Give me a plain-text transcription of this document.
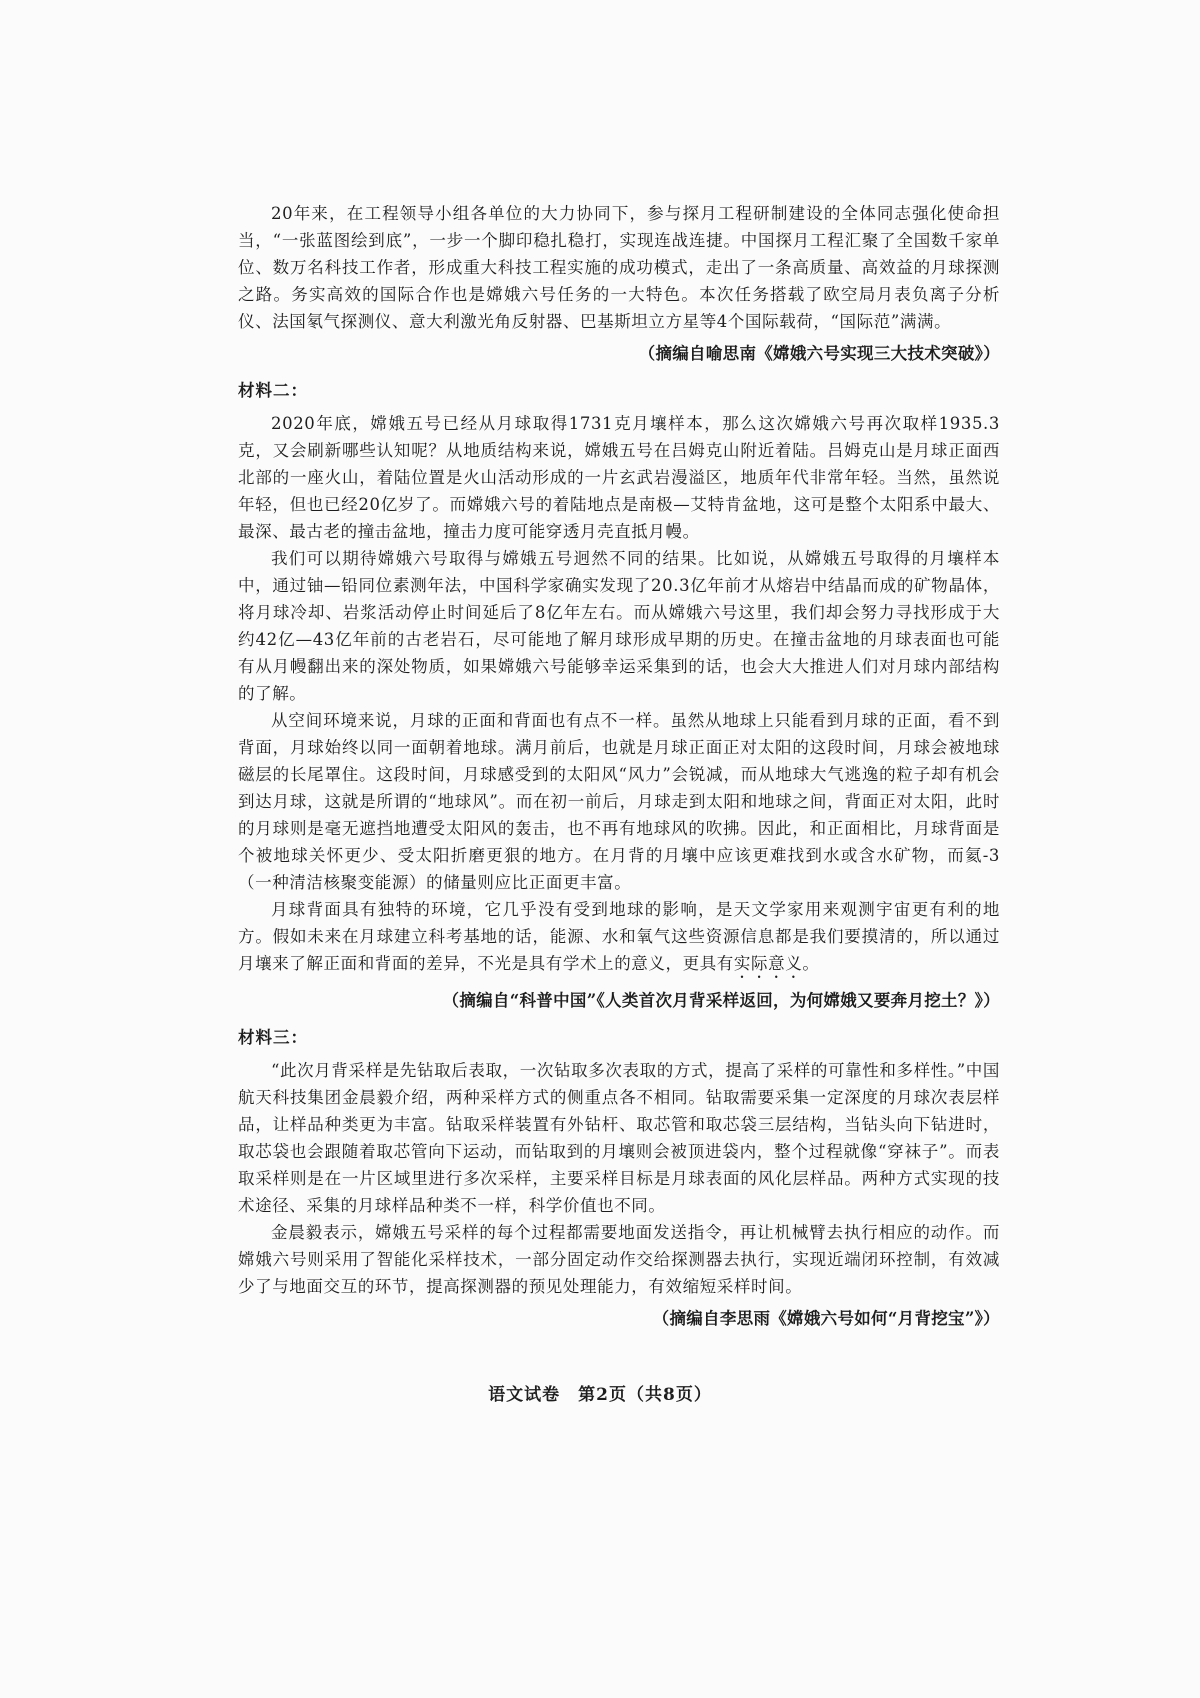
20年来，在工程领导小组各单位的大力协同下，参与探月工程研制建设的全体同志强化使命担当，“一张蓝图绘到底”，一步一个脚印稳扎稳打，实现连战连捷。中国探月工程汇聚了全国数千家单位、数万名科技工作者，形成重大科技工程实施的成功模式，走出了一条高质量、高效益的月球探测之路。务实高效的国际合作也是嫦娥六号任务的一大特色。本次任务搭载了欧空局月表负离子分析仪、法国氡气探测仪、意大利激光角反射器、巴基斯坦立方星等4个国际载荷，“国际范”满满。

（摘编自喻思南《嫦娥六号实现三大技术突破》）
材料二：

2020年底，嫦娥五号已经从月球取得1731克月壤样本，那么这次嫦娥六号再次取样1935.3克，又会刷新哪些认知呢？从地质结构来说，嫦娥五号在吕姆克山附近着陆。吕姆克山是月球正面西北部的一座火山，着陆位置是火山活动形成的一片玄武岩漫溢区，地质年代非常年轻。当然，虽然说年轻，但也已经20亿岁了。而嫦娥六号的着陆地点是南极—艾特肯盆地，这可是整个太阳系中最大、最深、最古老的撞击盆地，撞击力度可能穿透月壳直抵月幔。

我们可以期待嫦娥六号取得与嫦娥五号迥然不同的结果。比如说，从嫦娥五号取得的月壤样本中，通过铀—铅同位素测年法，中国科学家确实发现了20.3亿年前才从熔岩中结晶而成的矿物晶体，将月球冷却、岩浆活动停止时间延后了8亿年左右。而从嫦娥六号这里，我们却会努力寻找形成于大约42亿—43亿年前的古老岩石，尽可能地了解月球形成早期的历史。在撞击盆地的月球表面也可能有从月幔翻出来的深处物质，如果嫦娥六号能够幸运采集到的话，也会大大推进人们对月球内部结构的了解。

从空间环境来说，月球的正面和背面也有点不一样。虽然从地球上只能看到月球的正面，看不到背面，月球始终以同一面朝着地球。满月前后，也就是月球正面正对太阳的这段时间，月球会被地球磁层的长尾罩住。这段时间，月球感受到的太阳风“风力”会锐减，而从地球大气逃逸的粒子却有机会到达月球，这就是所谓的“地球风”。而在初一前后，月球走到太阳和地球之间，背面正对太阳，此时的月球则是毫无遮挡地遭受太阳风的轰击，也不再有地球风的吹拂。因此，和正面相比，月球背面是个被地球关怀更少、受太阳折磨更狠的地方。在月背的月壤中应该更难找到水或含水矿物，而氦-3（一种清洁核聚变能源）的储量则应比正面更丰富。

月球背面具有独特的环境，它几乎没有受到地球的影响，是天文学家用来观测宇宙更有利的地方。假如未来在月球建立科考基地的话，能源、水和氧气这些资源信息都是我们要摸清的，所以通过月壤来了解正面和背面的差异，不光是具有学术上的意义，更具有实际意义。

（摘编自“科普中国”《人类首次月背采样返回，为何嫦娥又要奔月挖土？》）
材料三：

“此次月背采样是先钻取后表取，一次钻取多次表取的方式，提高了采样的可靠性和多样性。”中国航天科技集团金晨毅介绍，两种采样方式的侧重点各不相同。钻取需要采集一定深度的月球次表层样品，让样品种类更为丰富。钻取采样装置有外钻杆、取芯管和取芯袋三层结构，当钻头向下钻进时，取芯袋也会跟随着取芯管向下运动，而钻取到的月壤则会被顶进袋内，整个过程就像“穿袜子”。而表取采样则是在一片区域里进行多次采样，主要采样目标是月球表面的风化层样品。两种方式实现的技术途径、采集的月球样品种类不一样，科学价值也不同。

金晨毅表示，嫦娥五号采样的每个过程都需要地面发送指令，再让机械臂去执行相应的动作。而嫦娥六号则采用了智能化采样技术，一部分固定动作交给探测器去执行，实现近端闭环控制，有效减少了与地面交互的环节，提高探测器的预见处理能力，有效缩短采样时间。

（摘编自李思雨《嫦娥六号如何“月背挖宝”》）
语文试卷　第2页（共8页）
